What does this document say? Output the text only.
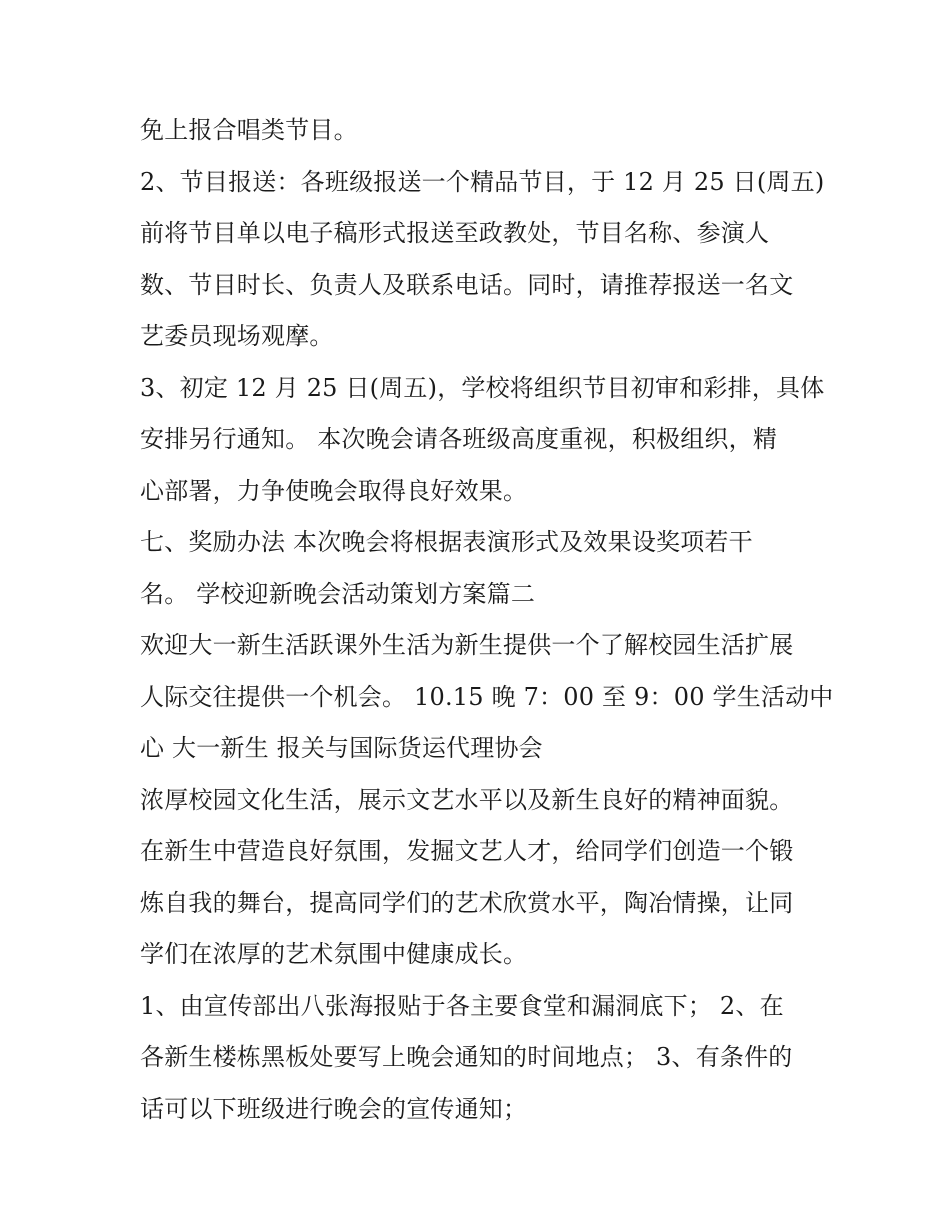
免上报合唱类节目。
2、节目报送：各班级报送一个精品节目，于 12 月 25 日(周五)
前将节目单以电子稿形式报送至政教处，节目名称、参演人
数、节目时长、负责人及联系电话。同时，请推荐报送一名文
艺委员现场观摩。
3、初定 12 月 25 日(周五)，学校将组织节目初审和彩排，具体
安排另行通知。 本次晚会请各班级高度重视，积极组织，精
心部署，力争使晚会取得良好效果。
七、奖励办法 本次晚会将根据表演形式及效果设奖项若干
名。 学校迎新晚会活动策划方案篇二
欢迎大一新生活跃课外生活为新生提供一个了解校园生活扩展
人际交往提供一个机会。 10.15 晚 7：00 至 9：00 学生活动中
心 大一新生 报关与国际货运代理协会
浓厚校园文化生活，展示文艺水平以及新生良好的精神面貌。
在新生中营造良好氛围，发掘文艺人才，给同学们创造一个锻
炼自我的舞台，提高同学们的艺术欣赏水平，陶冶情操，让同
学们在浓厚的艺术氛围中健康成长。
1、由宣传部出八张海报贴于各主要食堂和漏洞底下； 2、在
各新生楼栋黑板处要写上晚会通知的时间地点； 3、有条件的
话可以下班级进行晚会的宣传通知；
